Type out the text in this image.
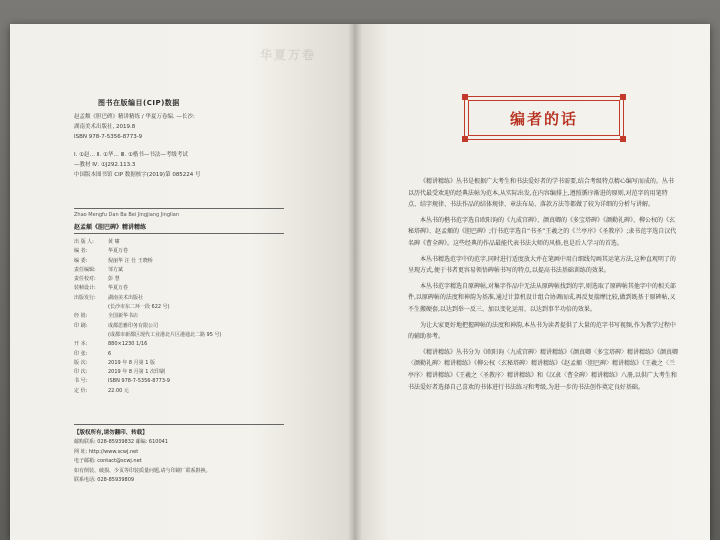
华夏万卷
图书在版编目(CIP)数据
赵孟頫《胆巴碑》精讲精练 / 华夏万卷编. —长沙:
湖南美术出版社, 2019.8
ISBN 978-7-5356-8773-9
Ⅰ. ①赵… Ⅱ. ①华… Ⅲ. ①楷书—书法—考级考试
—教材 Ⅳ. ①J292.113.3
中国版本图书馆 CIP 数据核字(2019)第 085224 号
Zhao Mengfu Dan Ba Bei Jingjiang Jinglian
赵孟頫《胆巴碑》精讲精练
出 版 人:	黄 啸
编 者:	华夏万卷
编 委:	倪丽华 汪 仕 王晓桥
责任编辑:	邹方斌
责任校对:	彭 慧
装帧设计:	华夏万卷
出版发行:	湖南美术出版社
(长沙市东二环一段 622 号)
经 销:	全国新华书店
印 刷:	成都思雅印务有限公司
(成都市新都区现代工业港北片区港通北二路 95 号)
开 本:	880×1230 1/16
印 张:	6
版 次:	2019 年 8 月第 1 版
印 次:	2019 年 8 月第 1 次印刷
书 号:	ISBN 978-7-5356-8773-9
定 价:	22.00 元
【版权所有,请勿翻印、转载】
邮购联系: 028-85939832 邮编: 610041
网 址: http://www.scwj.net
电子邮箱: contact@scwj.net
如有倒装、破损、少页等印装质量问题,请与印刷厂联系斟换。
联系电话: 028-85939809
编者的话

《精讲精练》丛书是根据广大考生和书法爱好者的学书需要,结合考级特点精心编写而成的。丛书以历代最受欢迎的经典法帖为范本,从实际出发,在内容编排上,遵照循序渐进的原则,对范字的用笔特点、结字规律、书法作品的结体规律、章法布局、落款方法等都做了较为详细的分析与讲解。

本丛书的楷书范字选自欧阳询的《九成宫碑》、颜真卿的《多宝塔碑》《颜勤礼碑》、柳公权的《玄秘塔碑》、赵孟頫的《胆巴碑》;行书范字选自“书圣”王羲之的《兰亭序》《圣教序》;隶书范字选自汉代名碑《曹全碑》。这些经典的作品最能代表书法大师的风格,也是后人学习的首选。

本丛书精选范字中的范字,同时进行适度放大并在笔画中用白细线勾画其运笔方法,这种直观明了的呈现方式,便于书者更容易领悟碑帖书写的特点,以提高书法基础训练的效果。

本丛书范字精选自原碑帖,对集字作品中无法从原碑帖找到的字,则选取了原碑帖其他字中的相关部件,以原碑帖的法度和神韵为基准,通过计算机设计组合协调而成,再反复揣摩比较,做到既基于原碑帖,又不生搬硬套,以达到举一反三、加以变化运用、以达到事半功倍的效果。

为让大家更好地把握碑帖的法度和神韵,本丛书为读者提供了大量的范字书写视频,作为教学过程中的辅助参考。

《精讲精练》丛书分为《欧阳询〈九成宫碑〉精讲精练》《颜真卿〈多宝塔碑〉精讲精练》《颜真卿〈颜勤礼碑〉精讲精练》《柳公权〈玄秘塔碑〉精讲精练》《赵孟頫〈胆巴碑〉精讲精练》《王羲之〈兰亭序〉精讲精练》《王羲之〈圣教序〉精讲精练》和《汉隶〈曹全碑〉精讲精练》八册,以供广大考生和书法爱好者选择自己喜欢的书体进行书法练习和考级,为进一步的书法创作奠定良好基础。
